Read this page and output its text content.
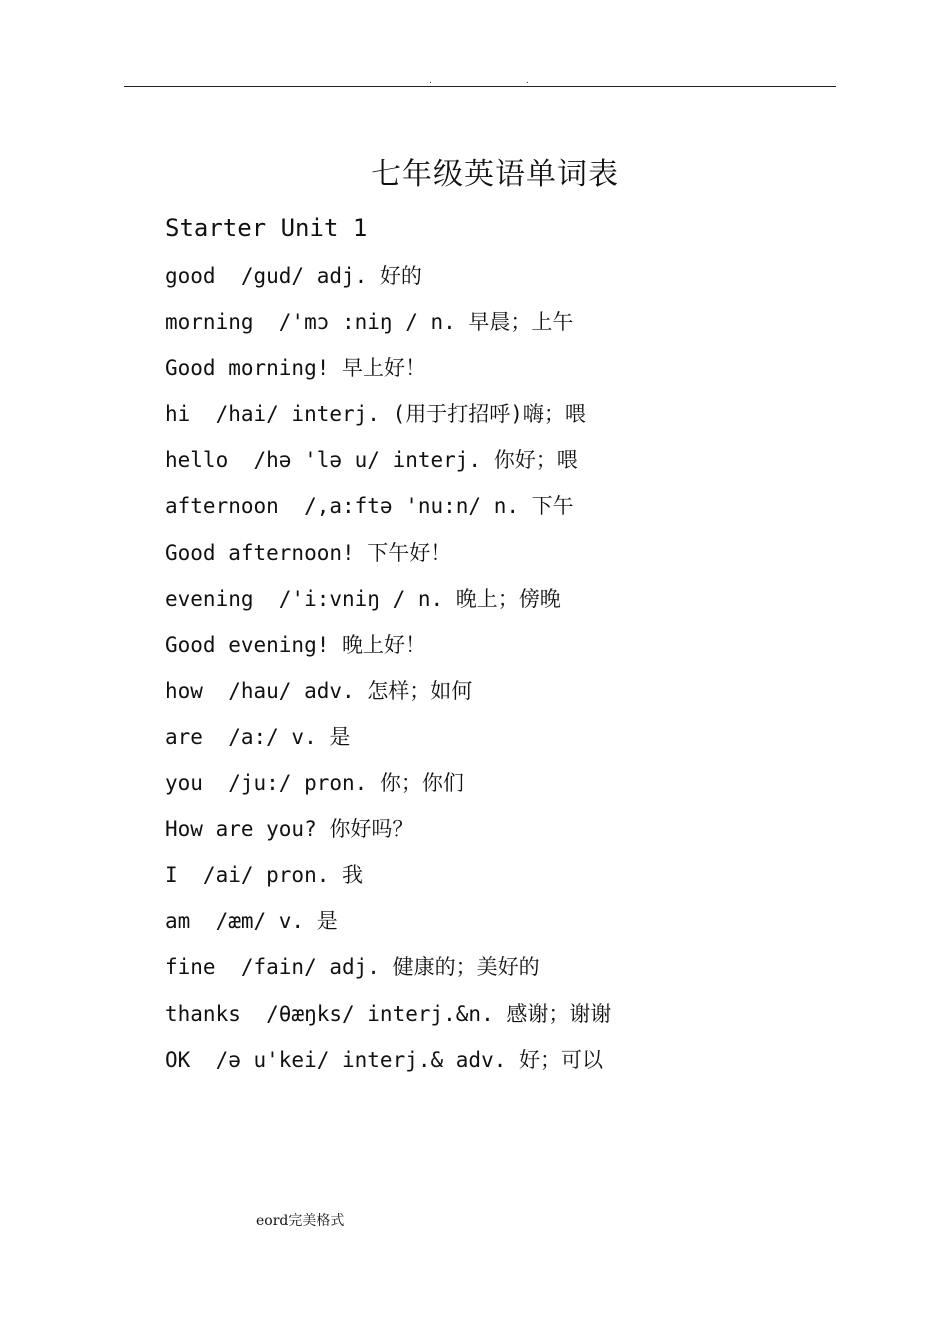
.	.
七年级英语单词表
Starter Unit 1
good  /gud/ adj. 好的
morning  /'mɔ :niŋ / n. 早晨；上午
Good morning! 早上好！
hi  /hai/ interj. (用于打招呼)嗨；喂
hello  /hə 'lə u/ interj. 你好；喂
afternoon  /,a:ftə 'nu:n/ n. 下午
Good afternoon! 下午好！
evening  /'i:vniŋ / n. 晚上；傍晚
Good evening! 晚上好！
how  /hau/ adv. 怎样；如何
are  /a:/ v. 是
you  /ju:/ pron. 你；你们
How are you? 你好吗？
I  /ai/ pron. 我
am  /æm/ v. 是
fine  /fain/ adj. 健康的；美好的
thanks  /θæŋks/ interj.&n. 感谢；谢谢
OK  /ə u'kei/ interj.& adv. 好；可以
eord完美格式
